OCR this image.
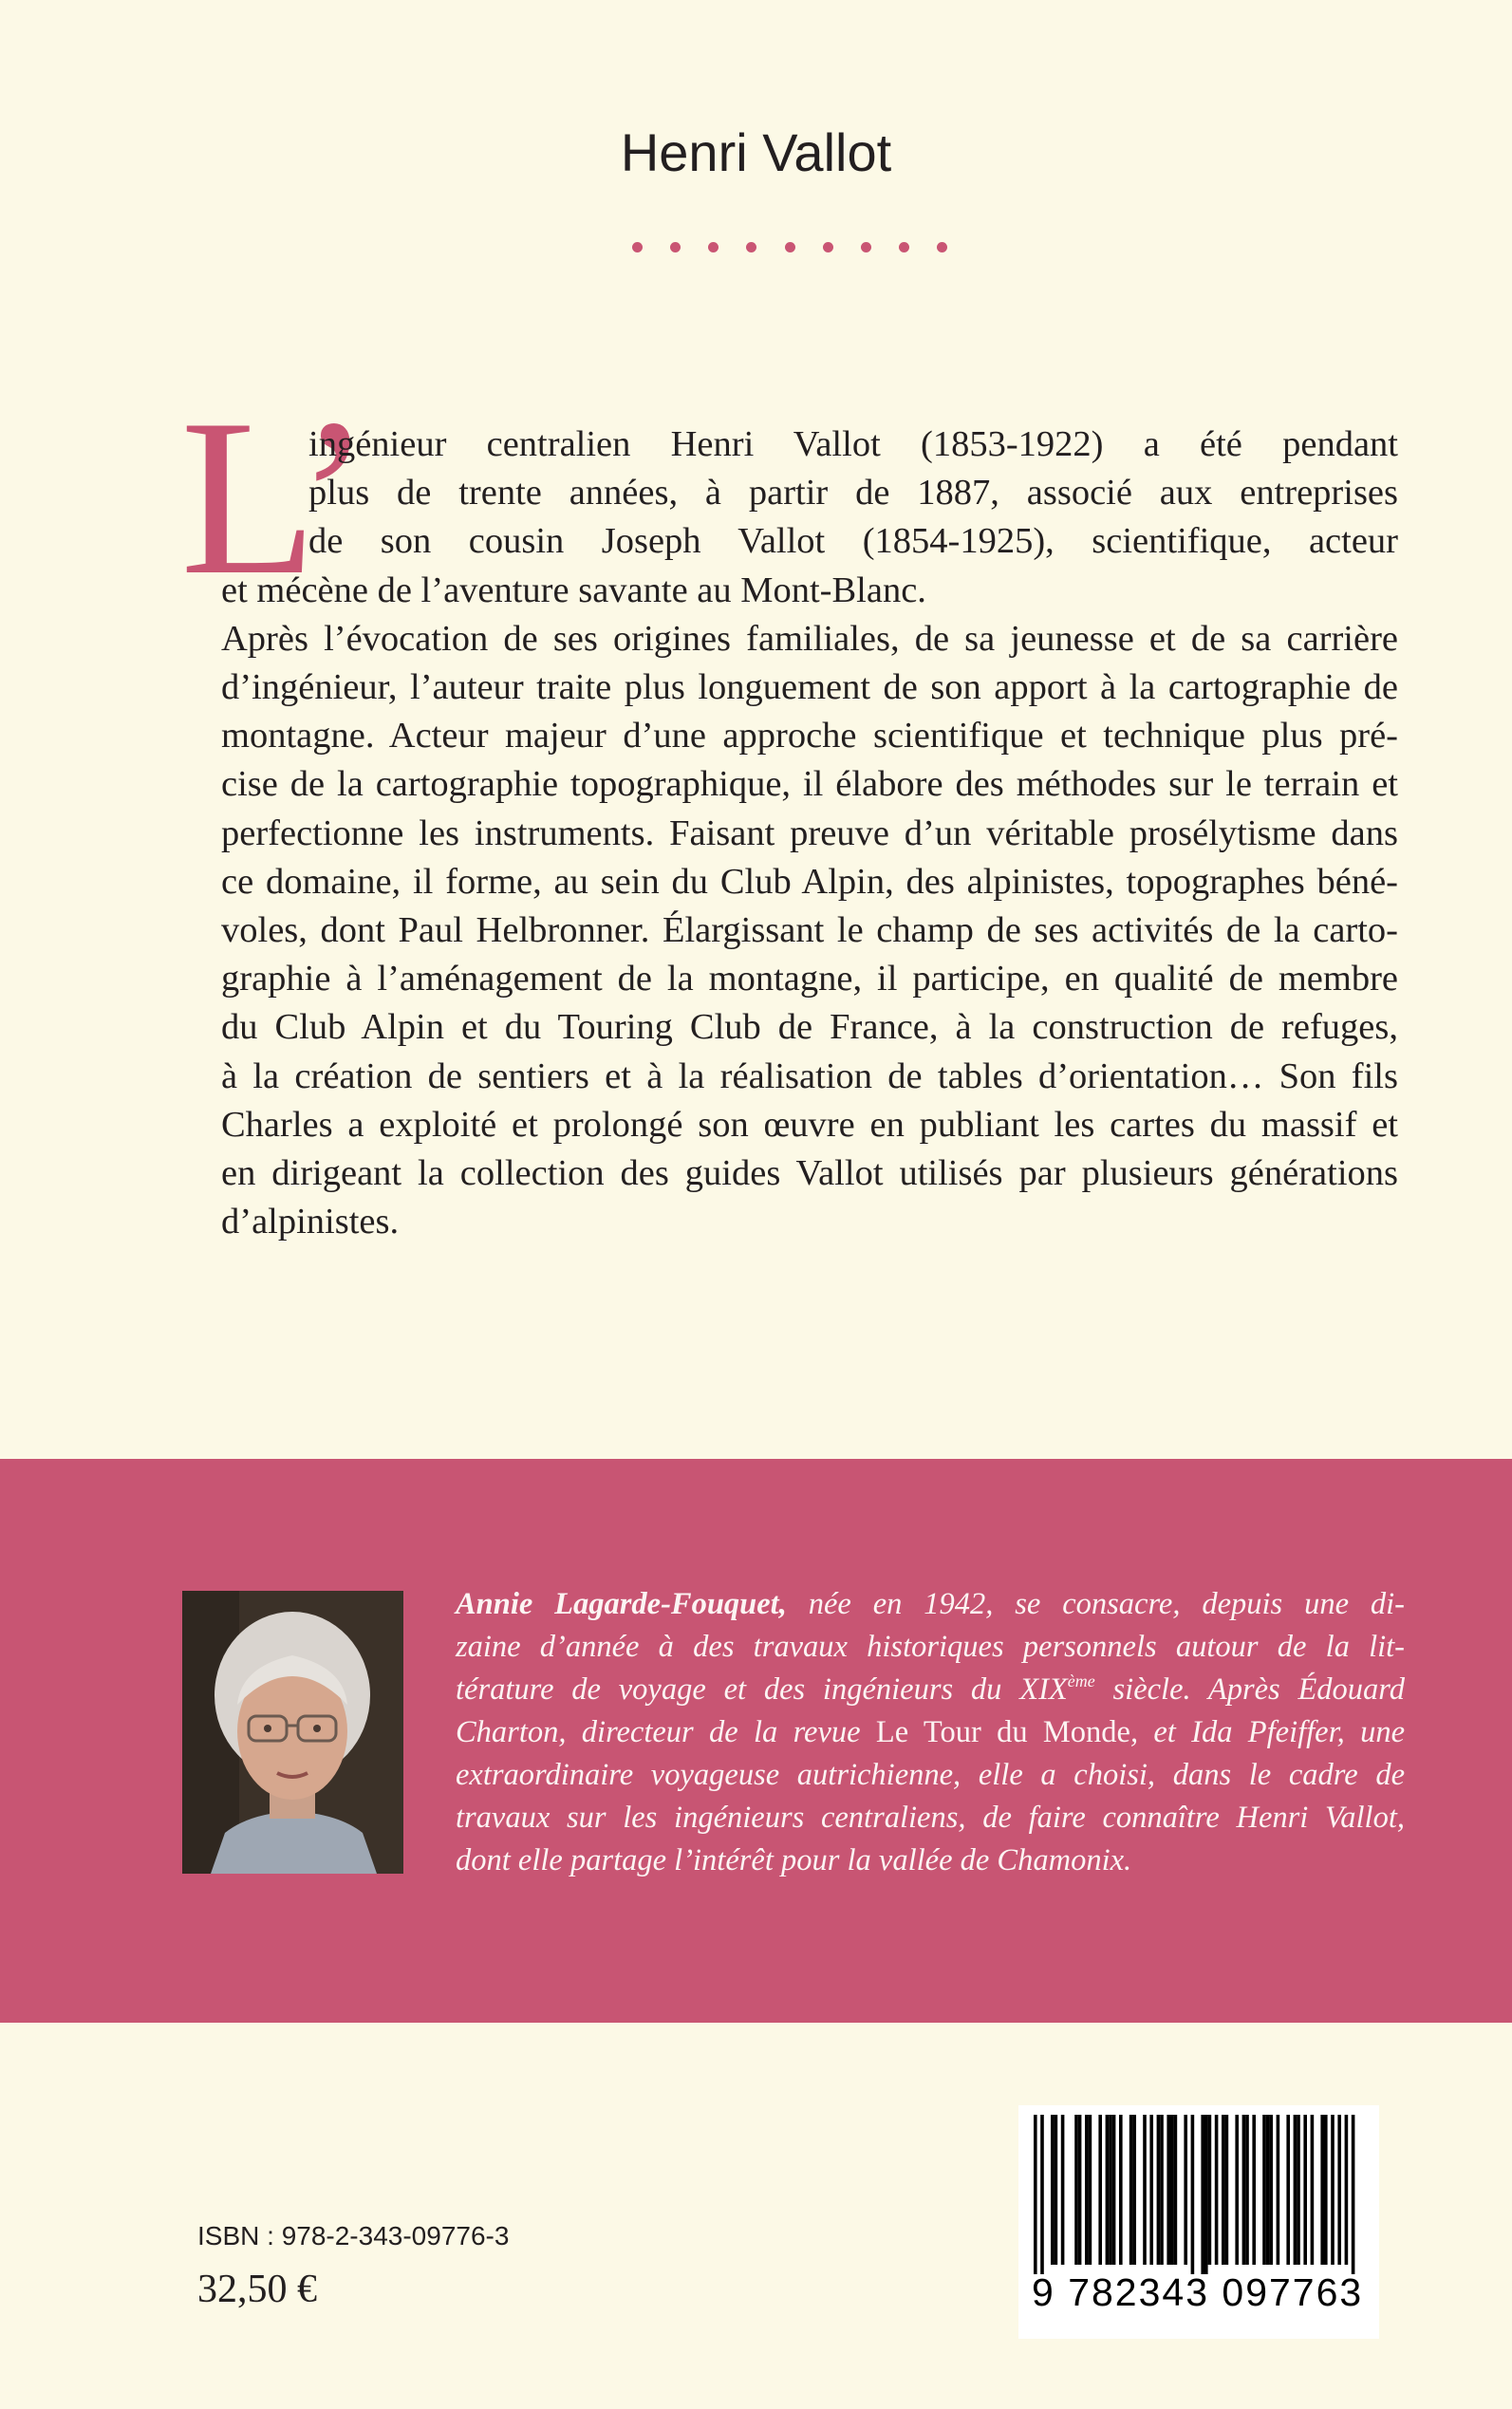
Henri Vallot
L’

ingénieur centralien Henri Vallot (1853-1922) a été pendant
plus de trente années, à partir de 1887, associé aux entreprises
de son cousin Joseph Vallot (1854-1925), scientifique, acteur

et mécène de l’aventure savante au Mont-Blanc.

Après l’évocation de ses origines familiales, de sa jeunesse et de sa carrière
d’ingénieur, l’auteur traite plus longuement de son apport à la cartographie de
montagne. Acteur majeur d’une approche scientifique et technique plus pré-
cise de la cartographie topographique, il élabore des méthodes sur le terrain et
perfectionne les instruments. Faisant preuve d’un véritable prosélytisme dans
ce domaine, il forme, au sein du Club Alpin, des alpinistes, topographes béné-
voles, dont Paul Helbronner. Élargissant le champ de ses activités de la carto-
graphie à l’aménagement de la montagne, il participe, en qualité de membre
du Club Alpin et du Touring Club de France, à la construction de refuges,
à la création de sentiers et à la réalisation de tables d’orientation… Son fils
Charles a exploité et prolongé son œuvre en publiant les cartes du massif et
en dirigeant la collection des guides Vallot utilisés par plusieurs générations
d’alpinistes.

Annie Lagarde-Fouquet, née en 1942, se consacre, depuis une di-
zaine d’année à des travaux historiques personnels autour de la lit-
térature de voyage et des ingénieurs du XIXème siècle. Après Édouard
Charton, directeur de la revue Le Tour du Monde, et Ida Pfeiffer, une
extraordinaire voyageuse autrichienne, elle a choisi, dans le cadre de
travaux sur les ingénieurs centraliens, de faire connaître Henri Vallot,
dont elle partage l’intérêt pour la vallée de Chamonix.
ISBN : 978-2-343-09776-3
32,50 €	9 782343 097763
